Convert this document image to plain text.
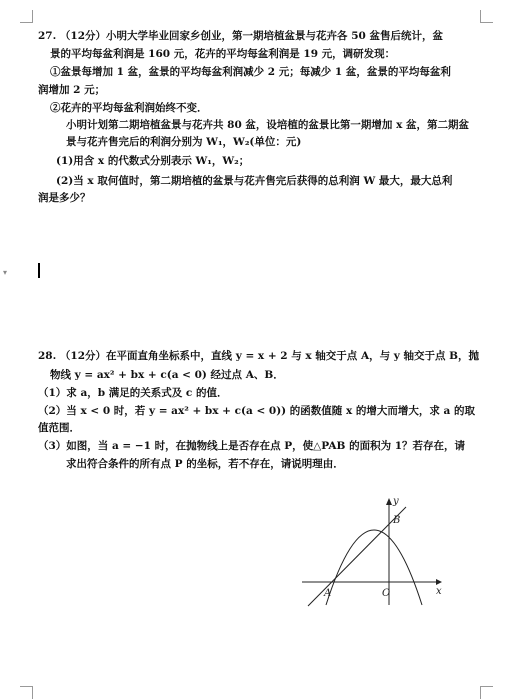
▾
27. （12分）小明大学毕业回家乡创业，第一期培植盆景与花卉各 50 盆售后统计，盆
景的平均每盆利润是 160 元，花卉的平均每盆利润是 19 元，调研发现：
①盆景每增加 1 盆，盆景的平均每盆利润减少 2 元；每减少 1 盆，盆景的平均每盆利
润增加 2 元；
②花卉的平均每盆利润始终不变．
小明计划第二期培植盆景与花卉共 80 盆，设培植的盆景比第一期增加 x 盆，第二期盆
景与花卉售完后的利润分别为 W₁，W₂(单位：元)
(1)用含 x 的代数式分别表示 W₁，W₂；
(2)当 x 取何值时，第二期培植的盆景与花卉售完后获得的总利润 W 最大，最大总利
润是多少？
28. （12分）在平面直角坐标系中，直线 y = x + 2 与 x 轴交于点 A，与 y 轴交于点 B，抛
物线 y = ax² + bx + c(a < 0) 经过点 A、B．
（1）求 a，b 满足的关系式及 c 的值．
（2）当 x < 0 时，若 y = ax² + bx + c(a < 0)) 的函数值随 x 的增大而增大，求 a 的取
值范围．
（3）如图，当 a = −1 时，在抛物线上是否存在点 P，使△PAB 的面积为 1？若存在，请
求出符合条件的所有点 P 的坐标，若不存在，请说明理由．
A
B
O	x
y
